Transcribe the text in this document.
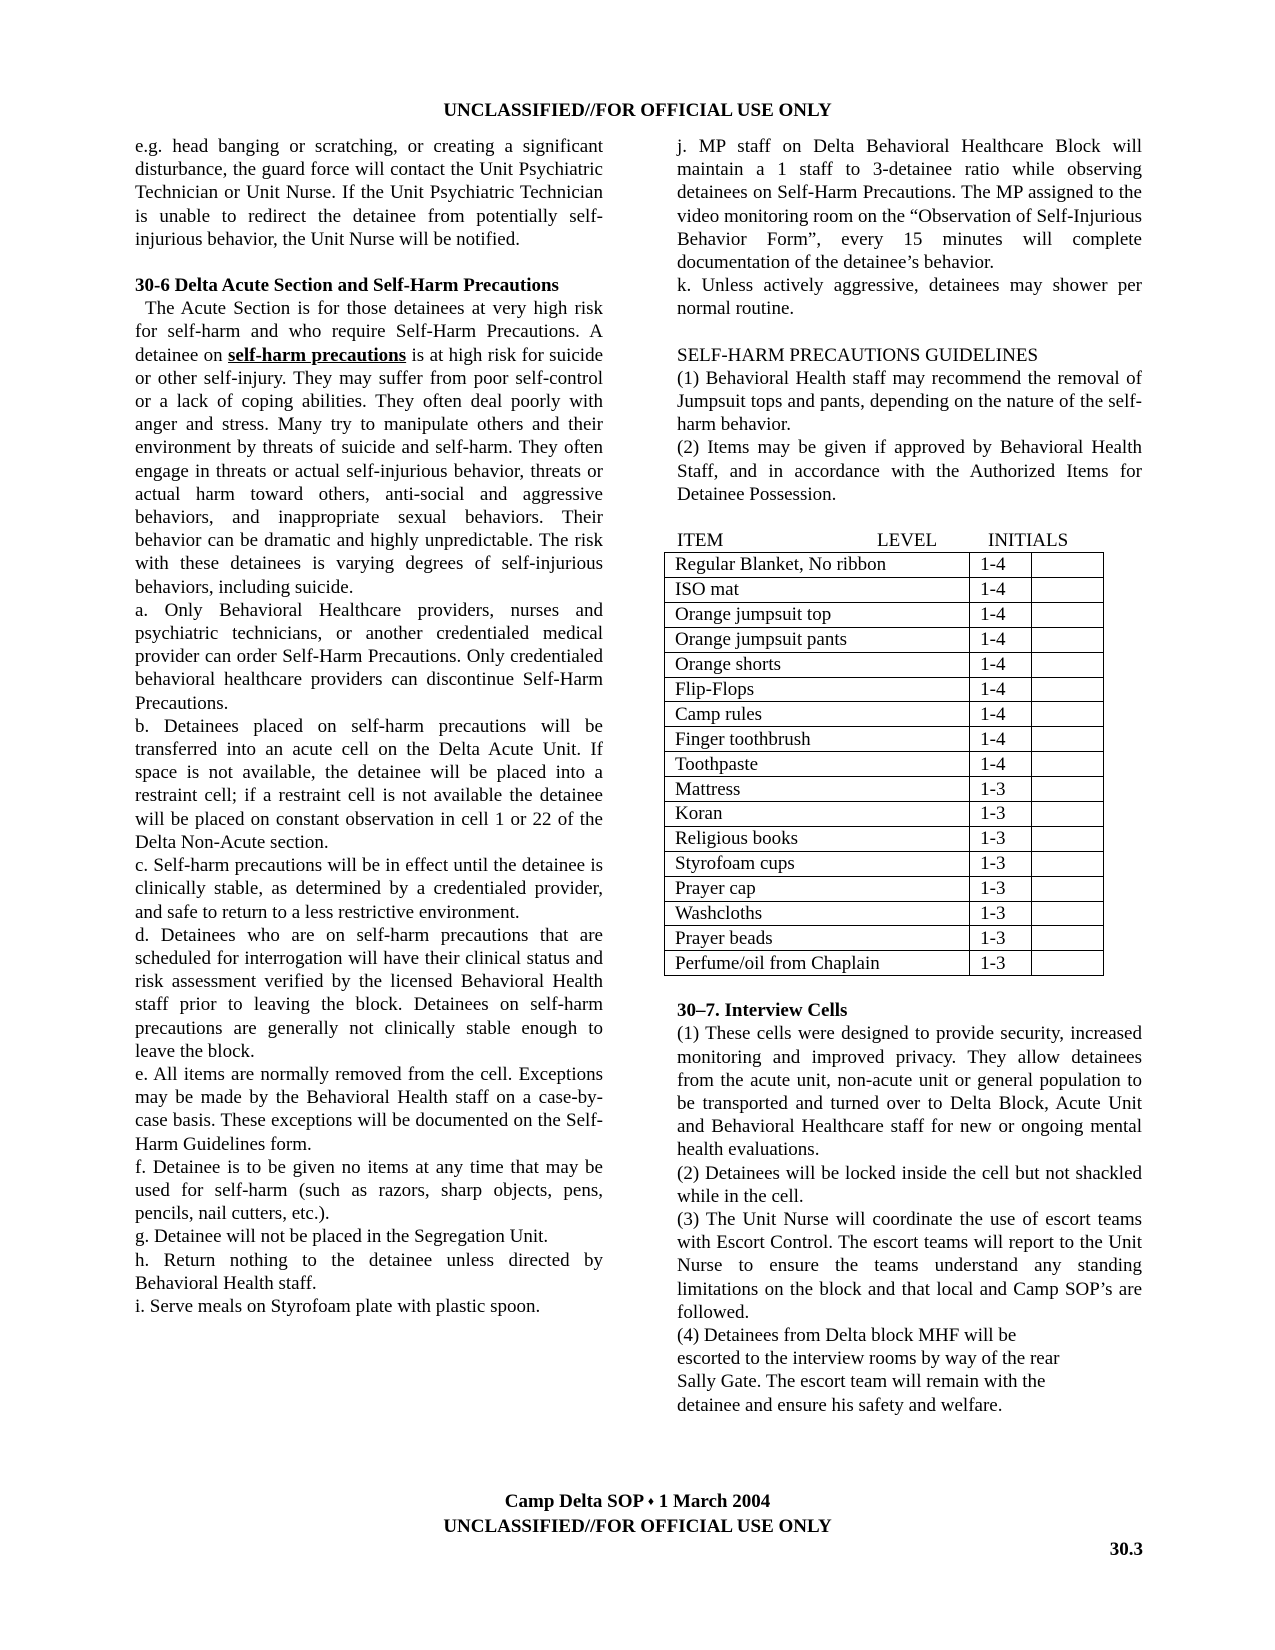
UNCLASSIFIED//FOR OFFICIAL USE ONLY

e.g. head banging or scratching, or creating a significant disturbance, the guard force will contact the Unit Psychiatric Technician or Unit Nurse. If the Unit Psychiatric Technician is unable to redirect the detainee from potentially self-injurious behavior, the Unit Nurse will be notified.

30-6 Delta Acute Section and Self-Harm Precautions

The Acute Section is for those detainees at very high risk for self-harm and who require Self-Harm Precautions. A detainee on self-harm precautions is at high risk for suicide or other self-injury. They may suffer from poor self-control or a lack of coping abilities. They often deal poorly with anger and stress. Many try to manipulate others and their environment by threats of suicide and self-harm. They often engage in threats or actual self-injurious behavior, threats or actual harm toward others, anti-social and aggressive behaviors, and inappropriate sexual behaviors. Their behavior can be dramatic and highly unpredictable. The risk with these detainees is varying degrees of self-injurious behaviors, including suicide.

a. Only Behavioral Healthcare providers, nurses and psychiatric technicians, or another credentialed medical provider can order Self-Harm Precautions. Only credentialed behavioral healthcare providers can discontinue Self-Harm Precautions.

b. Detainees placed on self-harm precautions will be transferred into an acute cell on the Delta Acute Unit. If space is not available, the detainee will be placed into a restraint cell; if a restraint cell is not available the detainee will be placed on constant observation in cell 1 or 22 of the Delta Non-Acute section.

c. Self-harm precautions will be in effect until the detainee is clinically stable, as determined by a credentialed provider, and safe to return to a less restrictive environment.

d. Detainees who are on self-harm precautions that are scheduled for interrogation will have their clinical status and risk assessment verified by the licensed Behavioral Health staff prior to leaving the block. Detainees on self-harm precautions are generally not clinically stable enough to leave the block.

e. All items are normally removed from the cell. Exceptions may be made by the Behavioral Health staff on a case-by-case basis. These exceptions will be documented on the Self-Harm Guidelines form.

f. Detainee is to be given no items at any time that may be used for self-harm (such as razors, sharp objects, pens, pencils, nail cutters, etc.).

g. Detainee will not be placed in the Segregation Unit.

h. Return nothing to the detainee unless directed by Behavioral Health staff.

i. Serve meals on Styrofoam plate with plastic spoon.

j. MP staff on Delta Behavioral Healthcare Block will maintain a 1 staff to 3-detainee ratio while observing detainees on Self-Harm Precautions. The MP assigned to the video monitoring room on the “Observation of Self-Injurious Behavior Form”, every 15 minutes will complete documentation of the detainee’s behavior.

k. Unless actively aggressive, detainees may shower per normal routine.

SELF-HARM PRECAUTIONS GUIDELINES

(1) Behavioral Health staff may recommend the removal of Jumpsuit tops and pants, depending on the nature of the self-harm behavior.

(2) Items may be given if approved by Behavioral Health Staff, and in accordance with the Authorized Items for Detainee Possession.

ITEM	LEVEL	INITIALS
Regular Blanket, No ribbon	1-4	
ISO mat	1-4	
Orange jumpsuit top	1-4	
Orange jumpsuit pants	1-4	
Orange shorts	1-4	
Flip-Flops	1-4	
Camp rules	1-4	
Finger toothbrush	1-4	
Toothpaste	1-4	
Mattress	1-3	
Koran	1-3	
Religious books	1-3	
Styrofoam cups	1-3	
Prayer cap	1-3	
Washcloths	1-3	
Prayer beads	1-3	
Perfume/oil from Chaplain	1-3	

30–7. Interview Cells

(1) These cells were designed to provide security, increased monitoring and improved privacy. They allow detainees from the acute unit, non-acute unit or general population to be transported and turned over to Delta Block, Acute Unit and Behavioral Healthcare staff for new or ongoing mental health evaluations.

(2) Detainees will be locked inside the cell but not shackled while in the cell.

(3) The Unit Nurse will coordinate the use of escort teams with Escort Control. The escort teams will report to the Unit Nurse to ensure the teams understand any standing limitations on the block and that local and Camp SOP’s are followed.

(4) Detainees from Delta block MHF will be

escorted to the interview rooms by way of the rear

Sally Gate. The escort team will remain with the

detainee and ensure his safety and welfare.

Camp Delta SOP ♦ 1 March 2004
UNCLASSIFIED//FOR OFFICIAL USE ONLY
30.3
